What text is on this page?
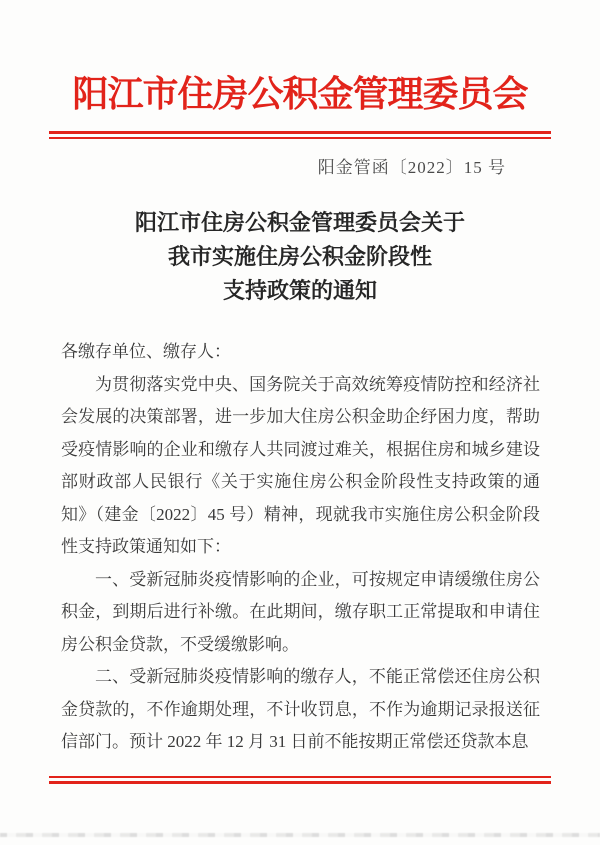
阳江市住房公积金管理委员会
阳金管函〔2022〕15 号
阳江市住房公积金管理委员会关于
我市实施住房公积金阶段性
支持政策的通知

各缴存单位、缴存人：

为贯彻落实党中央、国务院关于高效统筹疫情防控和经济社会发展的决策部署，进一步加大住房公积金助企纾困力度，帮助受疫情影响的企业和缴存人共同渡过难关，根据住房和城乡建设部财政部人民银行《关于实施住房公积金阶段性支持政策的通知》（建金〔2022〕45 号）精神，现就我市实施住房公积金阶段性支持政策通知如下：

一、受新冠肺炎疫情影响的企业，可按规定申请缓缴住房公积金，到期后进行补缴。在此期间，缴存职工正常提取和申请住房公积金贷款，不受缓缴影响。

二、受新冠肺炎疫情影响的缴存人，不能正常偿还住房公积金贷款的，不作逾期处理，不计收罚息，不作为逾期记录报送征信部门。预计 2022 年 12 月 31 日前不能按期正常偿还贷款本息
